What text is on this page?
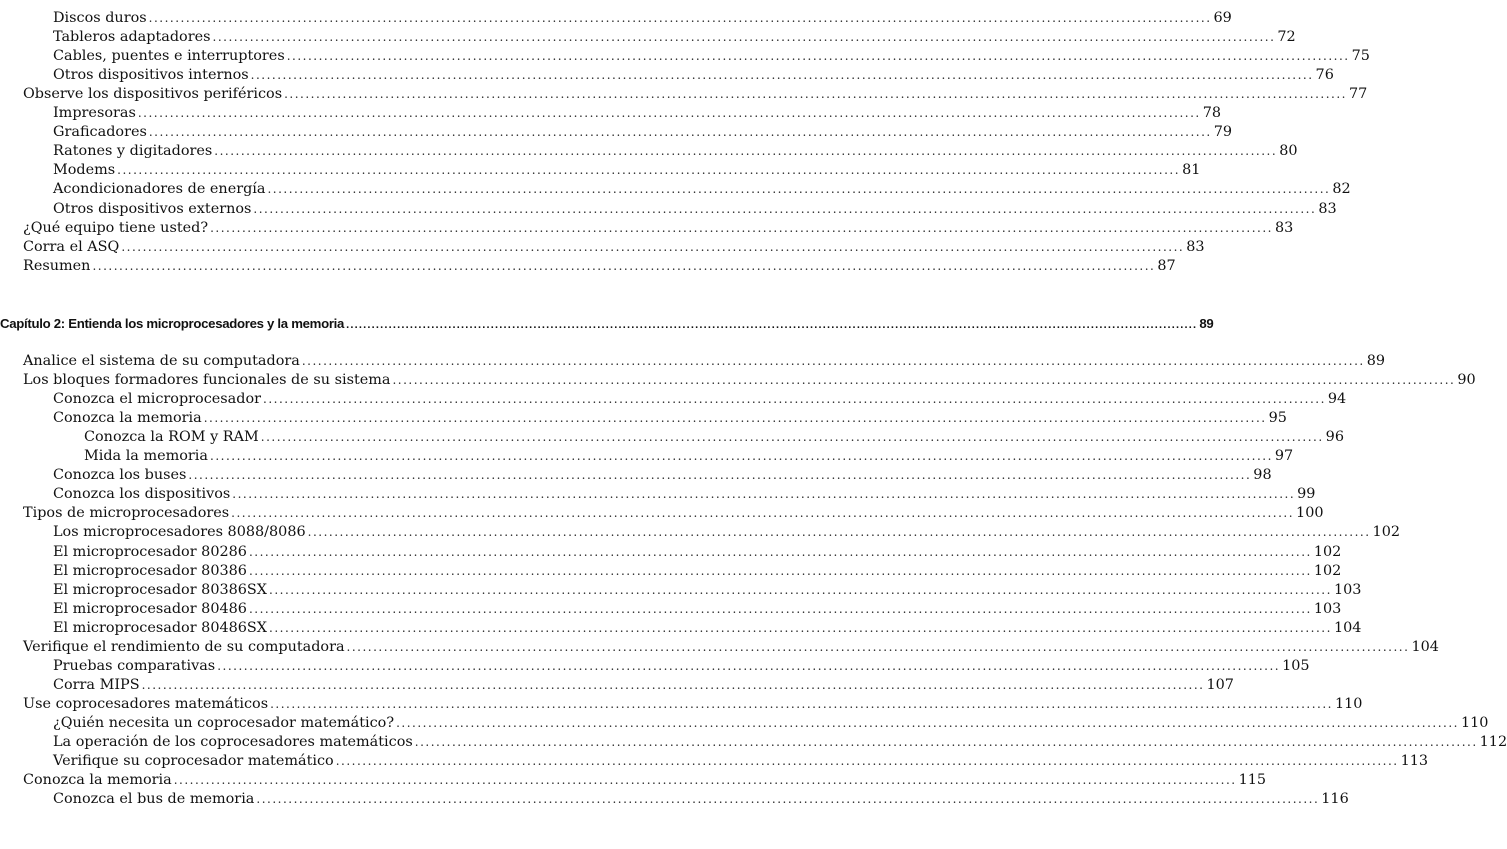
Capítulo 2: Entienda los microprocesadores y la memoria ........................................................................................................................................................................................................ 89
Discos duros ........................................................................................................................................................................................................ 69
Tableros adaptadores ........................................................................................................................................................................................................ 72
Cables, puentes e interruptores ........................................................................................................................................................................................................ 75
Otros dispositivos internos ........................................................................................................................................................................................................ 76
Observe los dispositivos periféricos ........................................................................................................................................................................................................ 77
Impresoras ........................................................................................................................................................................................................ 78
Graficadores ........................................................................................................................................................................................................ 79
Ratones y digitadores ........................................................................................................................................................................................................ 80
Modems ........................................................................................................................................................................................................ 81
Acondicionadores de energía ........................................................................................................................................................................................................ 82
Otros dispositivos externos ........................................................................................................................................................................................................ 83
¿Qué equipo tiene usted? ........................................................................................................................................................................................................ 83
Corra el ASQ ........................................................................................................................................................................................................ 83
Resumen ........................................................................................................................................................................................................ 87
Analice el sistema de su computadora ........................................................................................................................................................................................................ 89
Los bloques formadores funcionales de su sistema ........................................................................................................................................................................................................ 90
Conozca el microprocesador ........................................................................................................................................................................................................ 94
Conozca la memoria ........................................................................................................................................................................................................ 95
Conozca la ROM y RAM ........................................................................................................................................................................................................ 96
Mida la memoria ........................................................................................................................................................................................................ 97
Conozca los buses ........................................................................................................................................................................................................ 98
Conozca los dispositivos ........................................................................................................................................................................................................ 99
Tipos de microprocesadores ........................................................................................................................................................................................................ 100
Los microprocesadores 8088/8086 ........................................................................................................................................................................................................ 102
El microprocesador 80286 ........................................................................................................................................................................................................ 102
El microprocesador 80386 ........................................................................................................................................................................................................ 102
El microprocesador 80386SX ........................................................................................................................................................................................................ 103
El microprocesador 80486 ........................................................................................................................................................................................................ 103
El microprocesador 80486SX ........................................................................................................................................................................................................ 104
Verifique el rendimiento de su computadora ........................................................................................................................................................................................................ 104
Pruebas comparativas ........................................................................................................................................................................................................ 105
Corra MIPS ........................................................................................................................................................................................................ 107
Use coprocesadores matemáticos ........................................................................................................................................................................................................ 110
¿Quién necesita un coprocesador matemático? ........................................................................................................................................................................................................ 110
La operación de los coprocesadores matemáticos ........................................................................................................................................................................................................ 112
Verifique su coprocesador matemático ........................................................................................................................................................................................................ 113
Conozca la memoria ........................................................................................................................................................................................................ 115
Conozca el bus de memoria ........................................................................................................................................................................................................ 116
